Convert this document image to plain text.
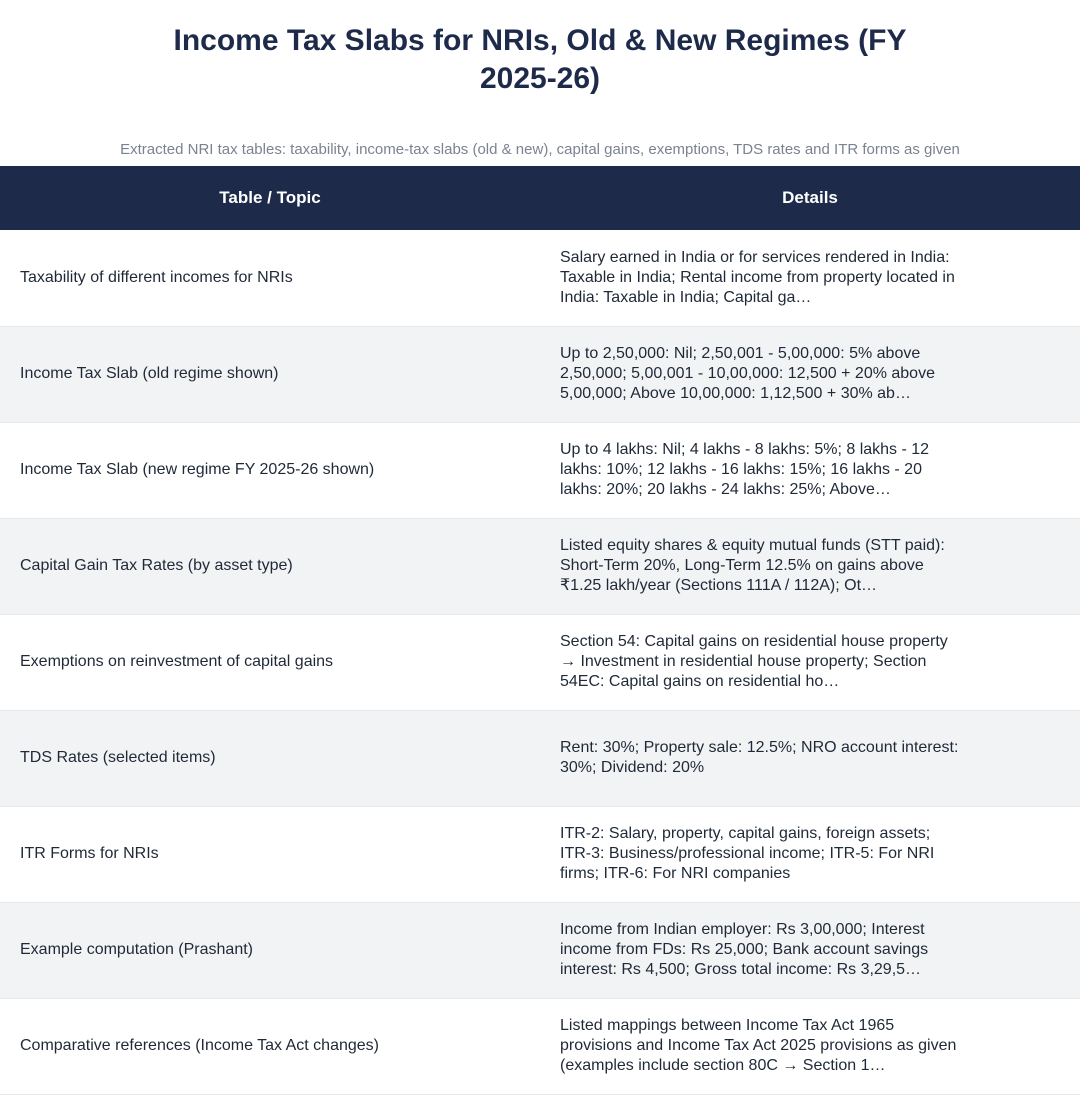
Income Tax Slabs for NRIs, Old & New Regimes (FY
2025-26)

Extracted NRI tax tables: taxability, income-tax slabs (old & new), capital gains, exemptions, TDS rates and ITR forms as given

Table / Topic	Details
Taxability of different incomes for NRIs	Salary earned in India or for services rendered in India: Taxable in India; Rental income from property located in India: Taxable in India; Capital ga…

Income Tax Slab (old regime shown)	Up to 2,50,000: Nil; 2,50,001 - 5,00,000: 5% above 2,50,000; 5,00,001 - 10,00,000: 12,500 + 20% above 5,00,000; Above 10,00,000: 1,12,500 + 30% ab…

Income Tax Slab (new regime FY 2025-26 shown)	Up to 4 lakhs: Nil; 4 lakhs - 8 lakhs: 5%; 8 lakhs - 12 lakhs: 10%; 12 lakhs - 16 lakhs: 15%; 16 lakhs - 20 lakhs: 20%; 20 lakhs - 24 lakhs: 25%; Above…

Capital Gain Tax Rates (by asset type)	Listed equity shares & equity mutual funds (STT paid): Short-Term 20%, Long-Term 12.5% on gains above ₹1.25 lakh/year (Sections 111A / 112A); Ot…

Exemptions on reinvestment of capital gains	Section 54: Capital gains on residential house property → Investment in residential house property; Section 54EC: Capital gains on residential ho…

TDS Rates (selected items)	Rent: 30%; Property sale: 12.5%; NRO account interest: 30%; Dividend: 20%

ITR Forms for NRIs	ITR-2: Salary, property, capital gains, foreign assets; ITR-3: Business/professional income; ITR-5: For NRI firms; ITR-6: For NRI companies

Example computation (Prashant)	Income from Indian employer: Rs 3,00,000; Interest income from FDs: Rs 25,000; Bank account savings interest: Rs 4,500; Gross total income: Rs 3,29,5…

Comparative references (Income Tax Act changes)	Listed mappings between Income Tax Act 1965 provisions and Income Tax Act 2025 provisions as given (examples include section 80C → Section 1…
